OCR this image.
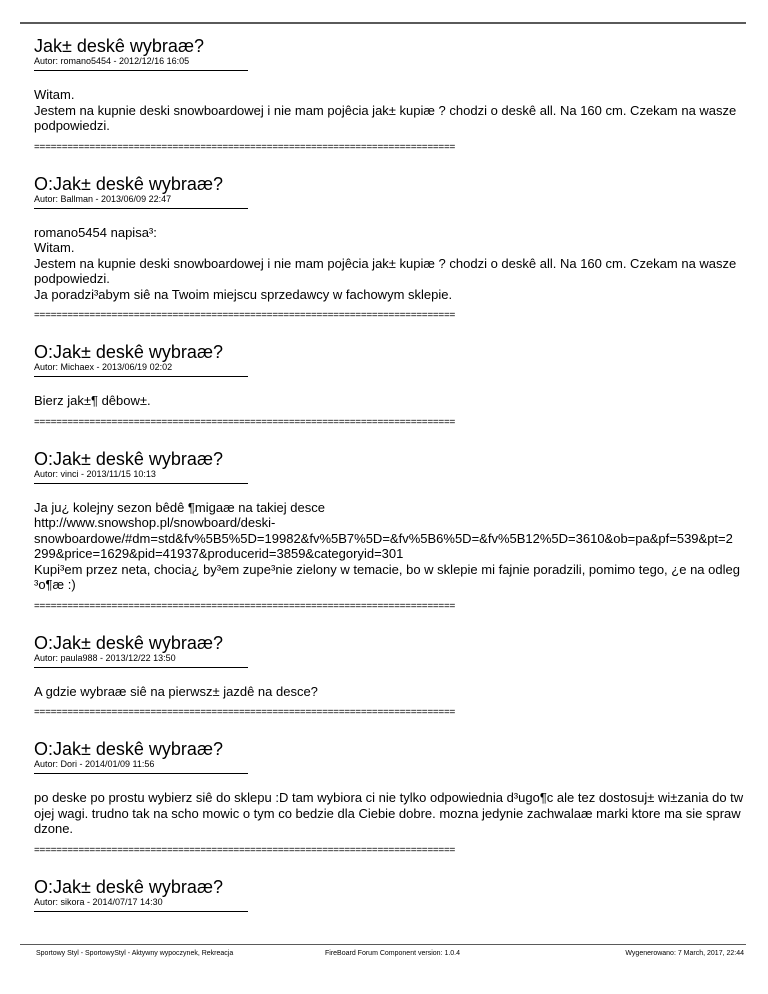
Jak± deskê wybraæ?
Autor: romano5454 - 2012/12/16 16:05
Witam.
Jestem na kupnie deski snowboardowej i nie mam pojêcia jak± kupiæ ? chodzi o deskê all. Na 160 cm. Czekam na wasze podpowiedzi.
============================================================================
O:Jak± deskê wybraæ?
Autor: Ballman - 2013/06/09 22:47
romano5454 napisa³:
Witam.
Jestem na kupnie deski snowboardowej i nie mam pojêcia jak± kupiæ ? chodzi o deskê all. Na 160 cm. Czekam na wasze podpowiedzi.
Ja poradzi³abym siê na Twoim miejscu sprzedawcy w fachowym sklepie.
============================================================================
O:Jak± deskê wybraæ?
Autor: Michaex - 2013/06/19 02:02
Bierz jak±¶ dêbow±.
============================================================================
O:Jak± deskê wybraæ?
Autor: vinci - 2013/11/15 10:13
Ja ju¿ kolejny sezon bêdê ¶migaæ na takiej desce
http://www.snowshop.pl/snowboard/deski-
snowboardowe/#dm=std&fv%5B5%5D=19982&fv%5B7%5D=&fv%5B6%5D=&fv%5B12%5D=3610&ob=pa&pf=539&pt=2
299&price=1629&pid=41937&producerid=3859&categoryid=301
Kupi³em przez neta, chocia¿ by³em zupe³nie zielony w temacie, bo w sklepie mi fajnie poradzili, pomimo tego, ¿e na odleg³o¶æ :)
============================================================================
O:Jak± deskê wybraæ?
Autor: paula988 - 2013/12/22 13:50
A gdzie wybraæ siê na pierwsz± jazdê na desce?
============================================================================
O:Jak± deskê wybraæ?
Autor: Dori - 2014/01/09 11:56
po deske po prostu wybierz siê do sklepu :D tam wybiora ci nie tylko odpowiednia d³ugo¶c ale tez dostosuj± wi±zania do twojej wagi. trudno tak na scho mowic o tym co bedzie dla Ciebie dobre. mozna jedynie zachwalaæ marki ktore ma sie sprawdzone.
============================================================================
O:Jak± deskê wybraæ?
Autor: sikora - 2014/07/17 14:30
Sportowy Styl - SportowyStyl - Aktywny wypoczynek, Rekreacja	FireBoard Forum Component version: 1.0.4	Wygenerowano: 7 March, 2017, 22:44
